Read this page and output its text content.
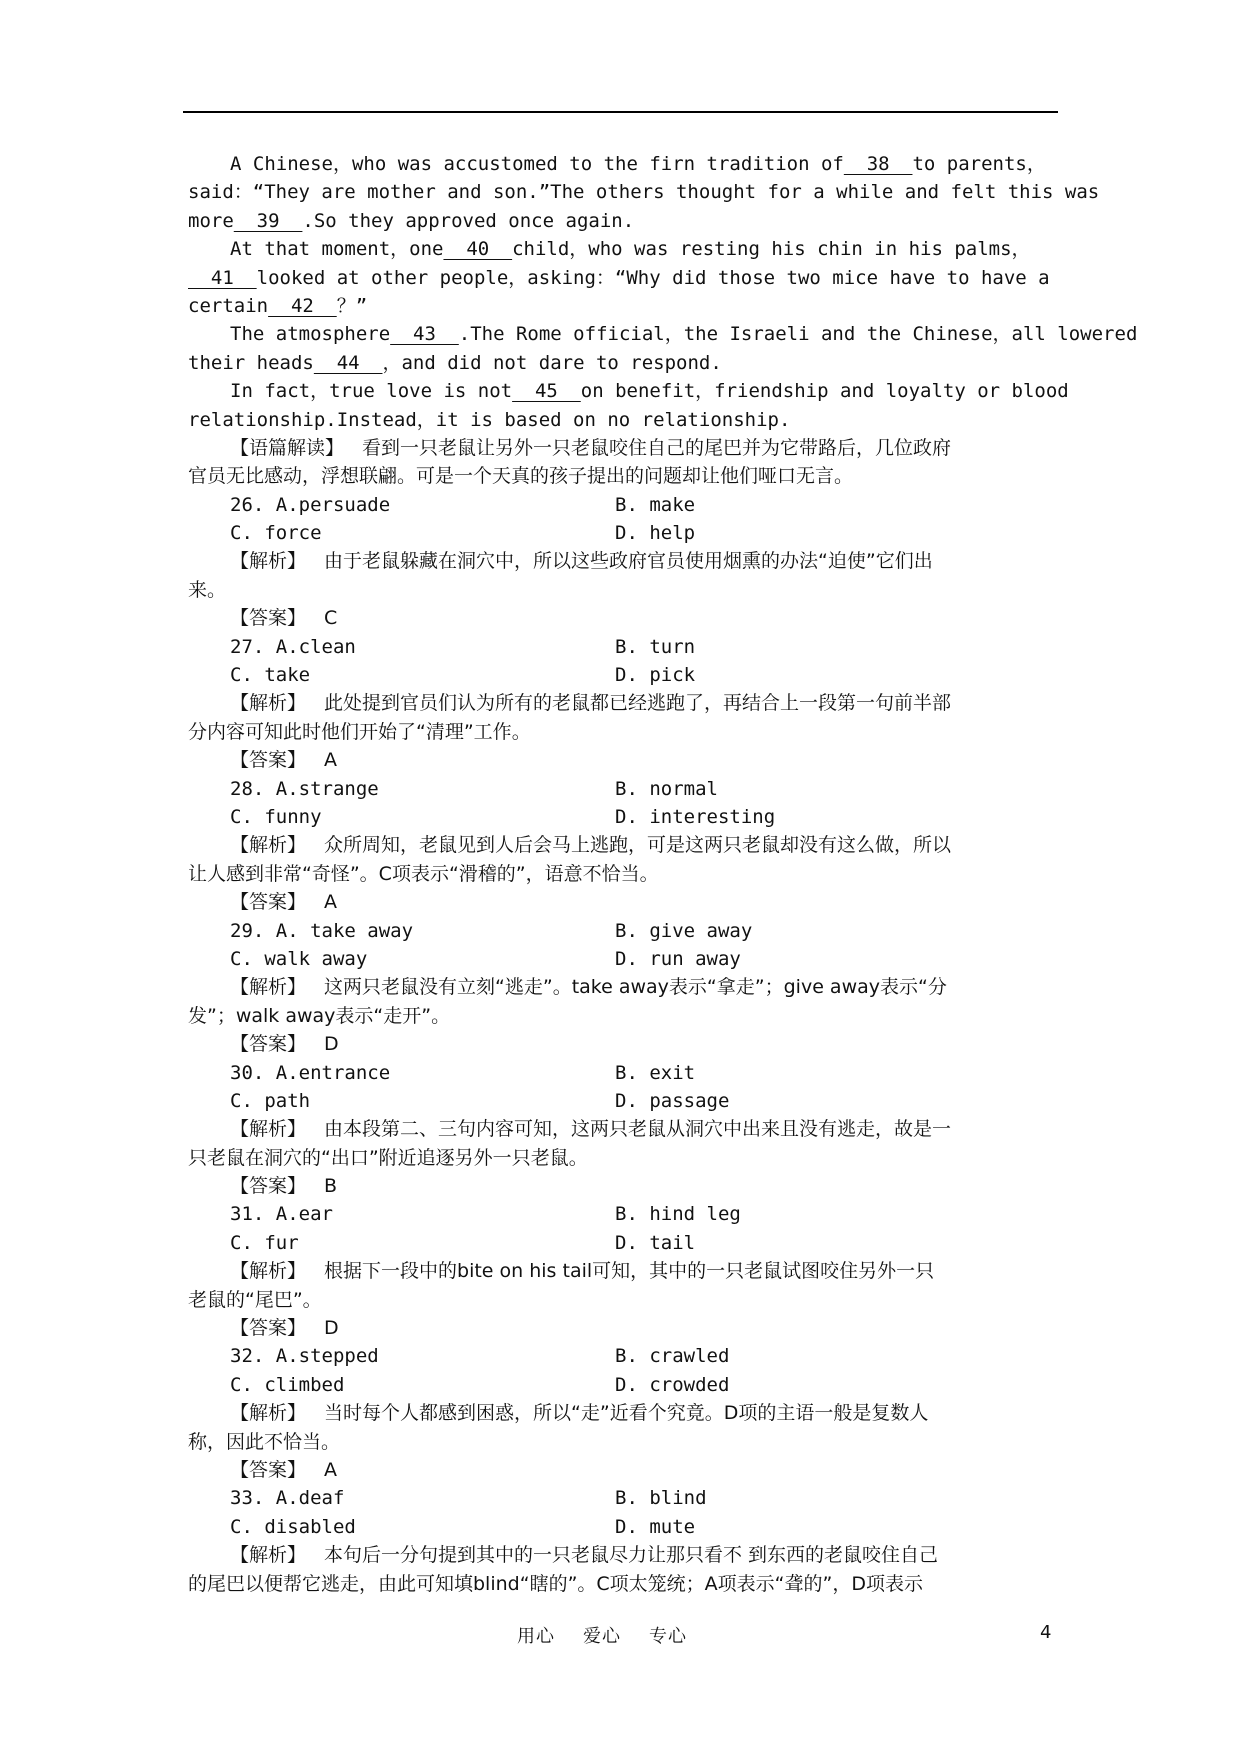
A Chinese，who was accustomed to the firn tradition of  38  to parents，
said：“They are mother and son.”The others thought for a while and felt this was
more  39  .So they approved once again.
At that moment，one  40  child，who was resting his chin in his palms，
41  looked at other people，asking：“Why did those two mice have to have a
certain  42  ？”
The atmosphere  43  .The Rome official，the Israeli and the Chinese，all lowered
their heads  44  ，and did not dare to respond.
In fact，true love is not  45  on benefit，friendship and loyalty or blood
relationship.Instead，it is based on no relationship.
【语篇解读】 看到一只老鼠让另外一只老鼠咬住自己的尾巴并为它带路后，几位政府
官员无比感动，浮想联翩。可是一个天真的孩子提出的问题却让他们哑口无言。
26. A.persuade	B. make
C. force	D. help
【解析】 由于老鼠躲藏在洞穴中，所以这些政府官员使用烟熏的办法“迫使”它们出
来。
【答案】 C
27. A.clean	B. turn
C. take	D. pick
【解析】 此处提到官员们认为所有的老鼠都已经逃跑了，再结合上一段第一句前半部
分内容可知此时他们开始了“清理”工作。
【答案】 A
28. A.strange	B. normal
C. funny	D. interesting
【解析】 众所周知，老鼠见到人后会马上逃跑，可是这两只老鼠却没有这么做，所以
让人感到非常“奇怪”。C项表示“滑稽的”，语意不恰当。
【答案】 A
29. A. take away	B. give away
C. walk away	D. run away
【解析】 这两只老鼠没有立刻“逃走”。take away表示“拿走”；give away表示“分
发”；walk away表示“走开”。
【答案】 D
30. A.entrance	B. exit
C. path	D. passage
【解析】 由本段第二、三句内容可知，这两只老鼠从洞穴中出来且没有逃走，故是一
只老鼠在洞穴的“出口”附近追逐另外一只老鼠。
【答案】 B
31. A.ear	B. hind leg
C. fur	D. tail
【解析】 根据下一段中的bite on his tail可知，其中的一只老鼠试图咬住另外一只
老鼠的“尾巴”。
【答案】 D
32. A.stepped	B. crawled
C. climbed	D. crowded
【解析】 当时每个人都感到困惑，所以“走”近看个究竟。D项的主语一般是复数人
称，因此不恰当。
【答案】 A
33. A.deaf	B. blind
C. disabled	D. mute
【解析】 本句后一分句提到其中的一只老鼠尽力让那只看不 到东西的老鼠咬住自己
的尾巴以便帮它逃走，由此可知填blind“瞎的”。C项太笼统；A项表示“聋的”，D项表示
用心 爱心 专心	4
